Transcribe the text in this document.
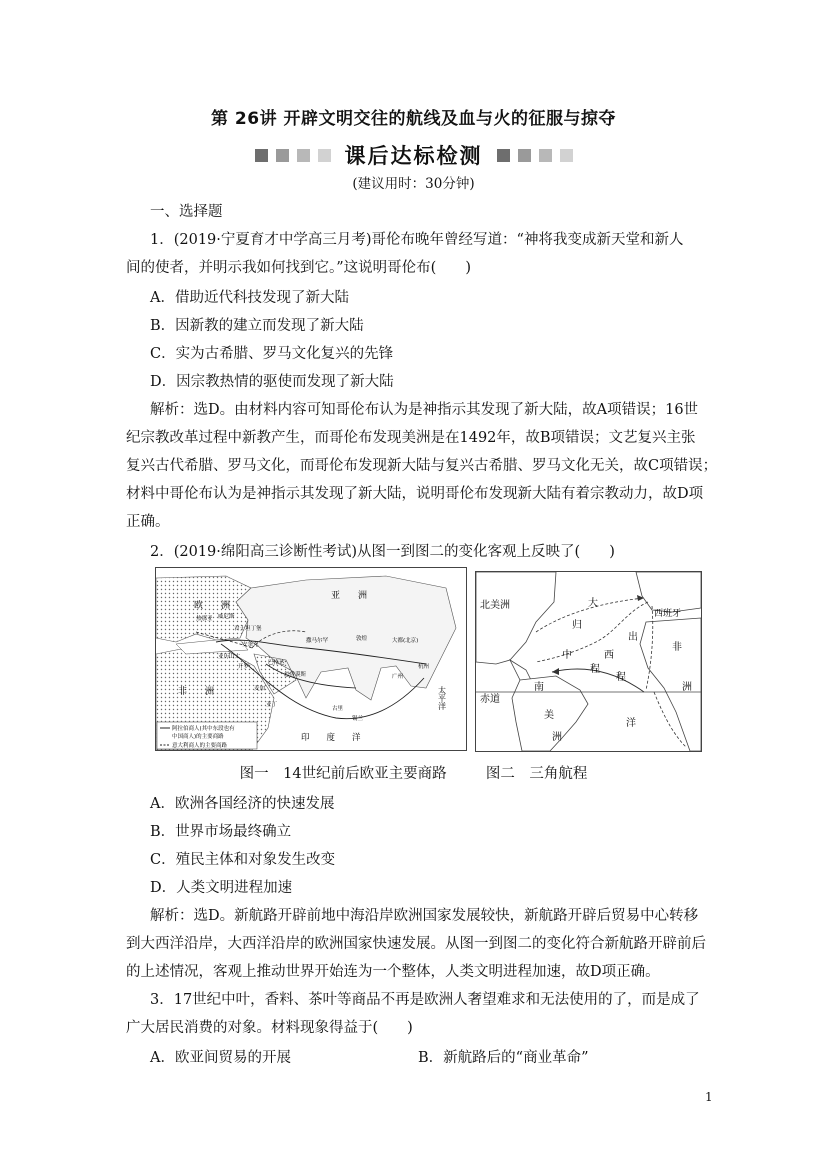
第 26讲 开辟文明交往的航线及血与火的征服与掠夺
课后达标检测
(建议用时：30分钟)
一、选择题
1．(2019·宁夏育才中学高三月考)哥伦布晚年曾经写道：“神将我变成新天堂和新人
间的使者，并明示我如何找到它。”这说明哥伦布(　　)
A．借助近代科技发现了新大陆
B．因新教的建立而发现了新大陆
C．实为古希腊、罗马文化复兴的先锋
D．因宗教热情的驱使而发现了新大陆
解析：选D。由材料内容可知哥伦布认为是神指示其发现了新大陆，故A项错误；16世
纪宗教改革过程中新教产生，而哥伦布发现美洲是在1492年，故B项错误；文艺复兴主张
复兴古代希腊、罗马文化，而哥伦布发现新大陆与复兴古希腊、罗马文化无关，故C项错误；
材料中哥伦布认为是神指示其发现了新大陆，说明哥伦布发现新大陆有着宗教动力，故D项
正确。
2．(2019·绵阳高三诊断性考试)从图一到图二的变化客观上反映了(　　)
亚　　洲
欧　　洲
非　　洲
印　　度　　洋
太平洋
热那亚 威尼斯
君士坦丁堡
安条克
巴格达
亚历山大
开罗
麦加
亚丁
忽鲁谟斯
撒马尔罕	敦煌	大都(北京)
杭州
广州
古里
锡兰
阿拉伯商人(其中东段也有
中国商人)的主要商路
意大利商人的主要商路
北美洲
西班牙
非
洲
赤道
南
美
洲
大
西
洋
归
出
程
中
程
图一　14世纪前后欧亚主要商路	图二　三角航程
A．欧洲各国经济的快速发展
B．世界市场最终确立
C．殖民主体和对象发生改变
D．人类文明进程加速
解析：选D。新航路开辟前地中海沿岸欧洲国家发展较快，新航路开辟后贸易中心转移
到大西洋沿岸，大西洋沿岸的欧洲国家快速发展。从图一到图二的变化符合新航路开辟前后
的上述情况，客观上推动世界开始连为一个整体，人类文明进程加速，故D项正确。
3．17世纪中叶，香料、茶叶等商品不再是欧洲人奢望难求和无法使用的了，而是成了
广大居民消费的对象。材料现象得益于(　　)
A．欧亚间贸易的开展	B．新航路后的“商业革命”
1
